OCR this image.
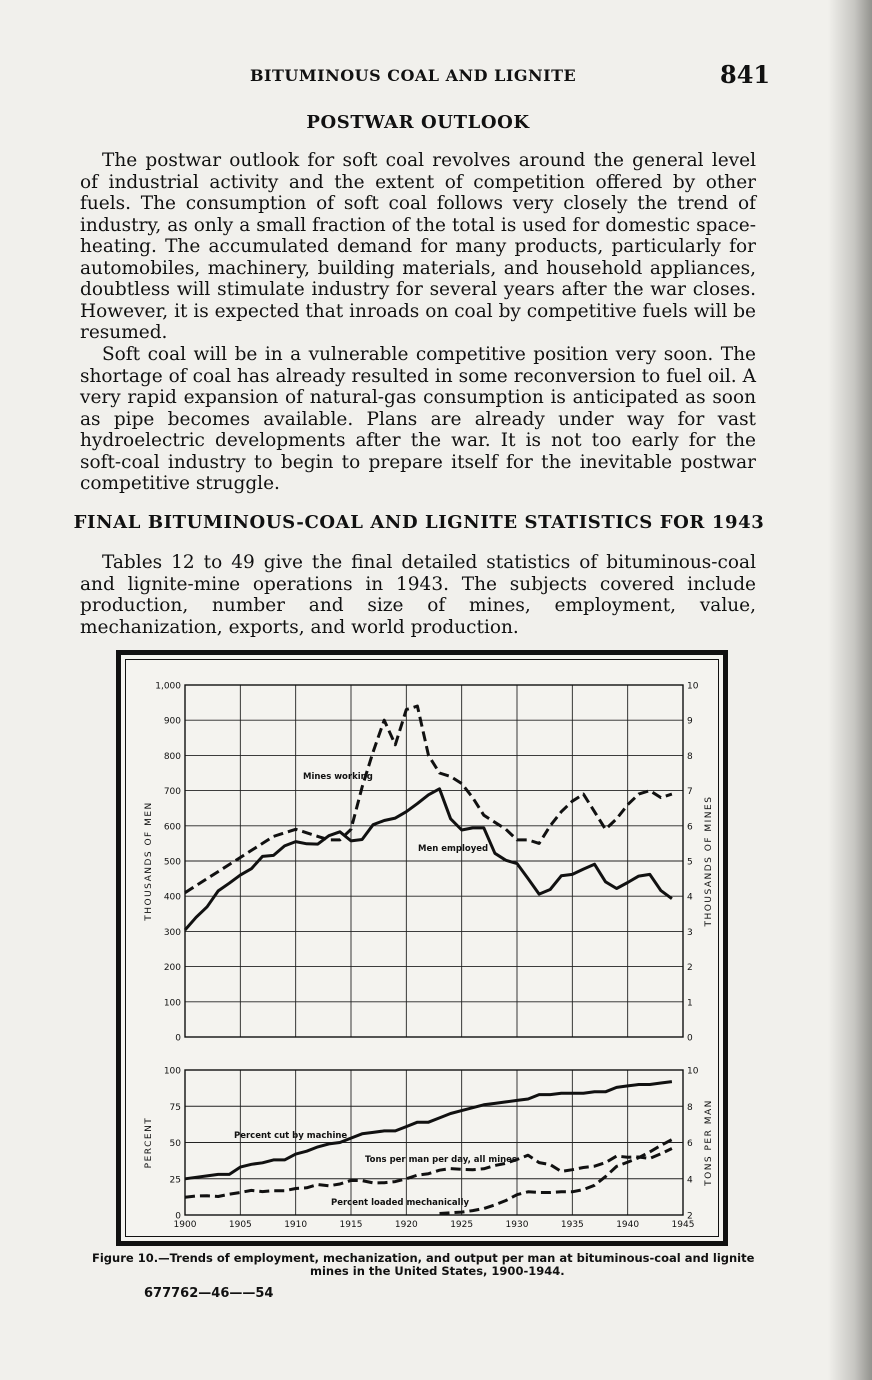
BITUMINOUS COAL AND LIGNITE	841
POSTWAR OUTLOOK

The postwar outlook for soft coal revolves around the general level of industrial activity and the extent of competition offered by other fuels. The consumption of soft coal follows very closely the trend of industry, as only a small fraction of the total is used for domestic space-heating. The accumulated demand for many products, particularly for automobiles, machinery, building materials, and household appliances, doubtless will stimulate industry for several years after the war closes. However, it is expected that inroads on coal by competitive fuels will be resumed.

Soft coal will be in a vulnerable competitive position very soon. The shortage of coal has already resulted in some reconversion to fuel oil. A very rapid expansion of natural-gas consumption is anticipated as soon as pipe becomes available. Plans are already under way for vast hydroelectric developments after the war. It is not too early for the soft-coal industry to begin to prepare itself for the inevitable postwar competitive struggle.

FINAL BITUMINOUS-COAL AND LIGNITE STATISTICS FOR 1943

Tables 12 to 49 give the final detailed statistics of bituminous-coal and lignite-mine operations in 1943. The subjects covered include production, number and size of mines, employment, value, mechanization, exports, and world production.

0
100
200
300
400
500
600
700
800
900
1,000
0
1
2
3
4
5
6
7
8
9
10
THOUSANDS OF MEN	THOUSANDS OF MINES
Mines working
Men employed
0
25
50
75
100
2
4
6
8
10
PERCENT	TONS PER MAN
1900	1905	1910	1915	1920	1925	1930	1935	1940	1945
Percent cut by machine
Tons per man per day, all mines
Percent loaded mechanically
Figure 10.—Trends of employment, mechanization, and output per man at bituminous-coal and lignite
mines in the United States, 1900-1944.
677762—46——54
